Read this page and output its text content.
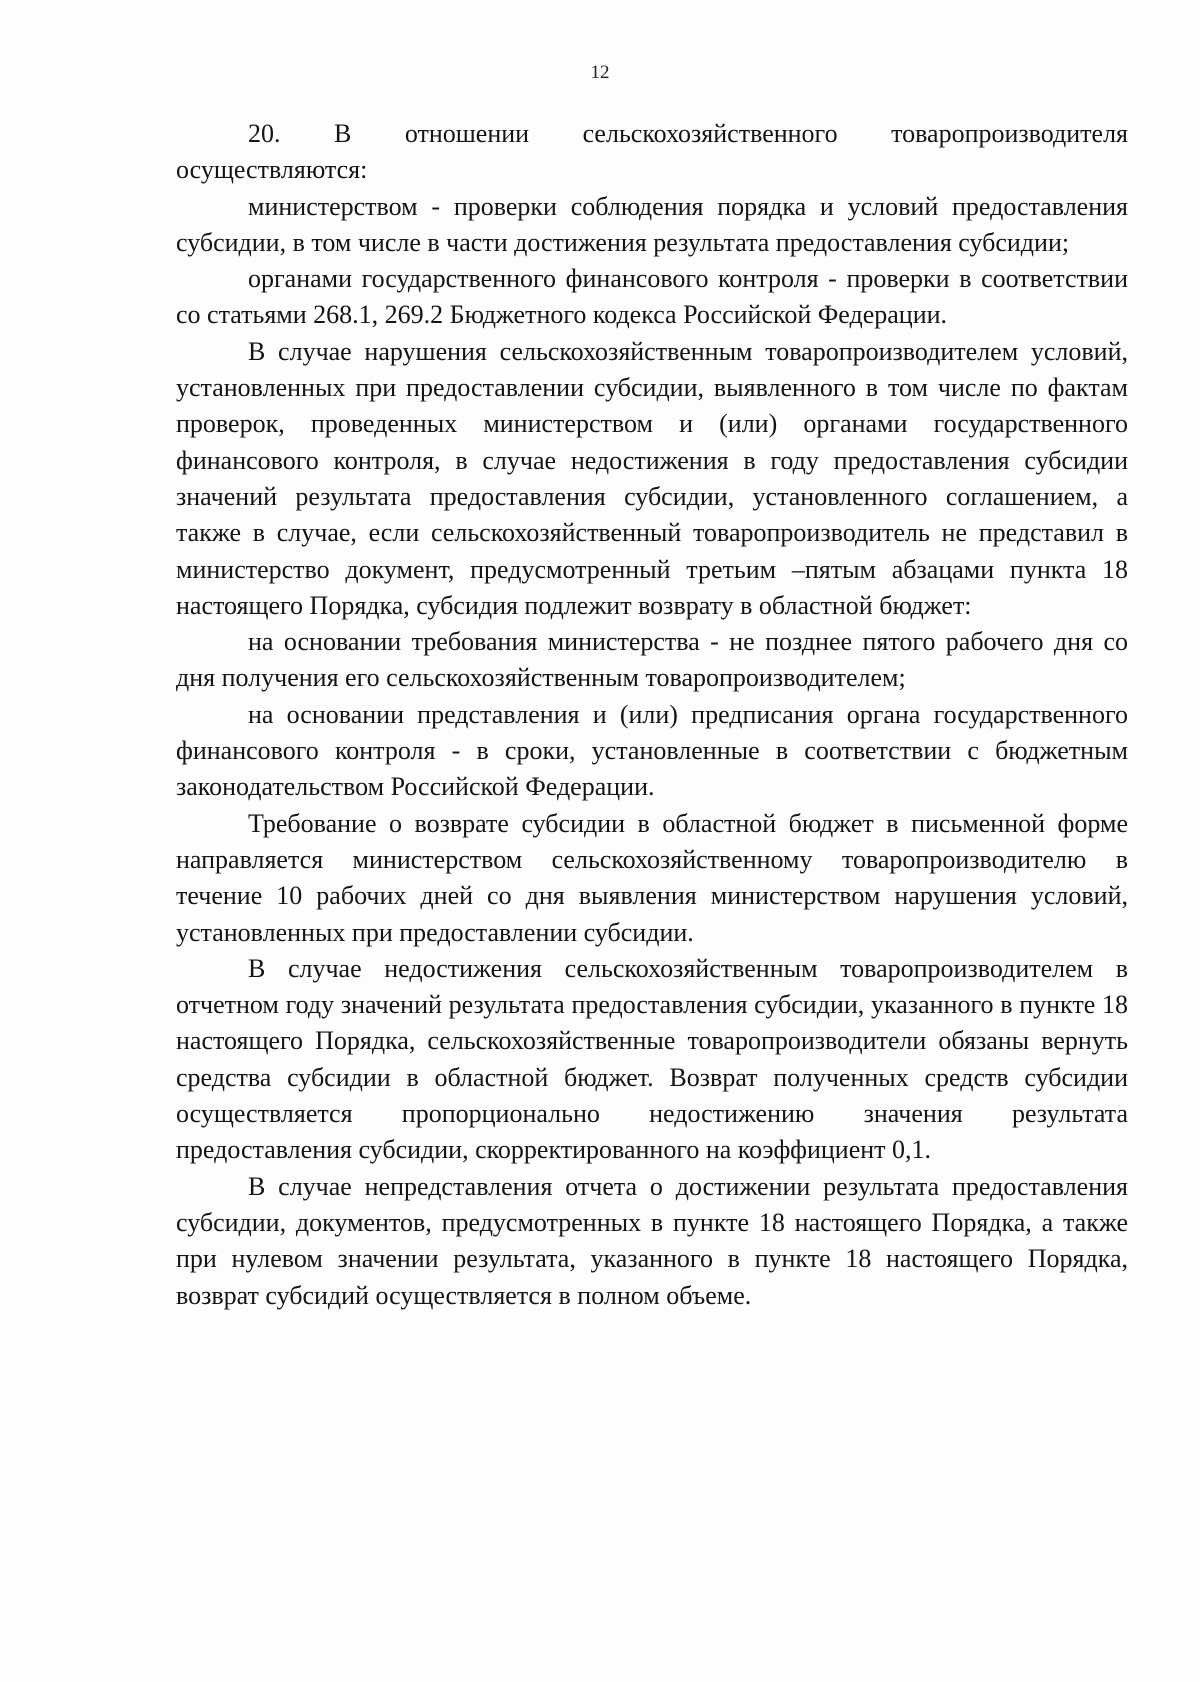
12

20. В отношении сельскохозяйственного товаропроизводителя осуществляются:

министерством - проверки соблюдения порядка и условий предоставления субсидии, в том числе в части достижения результата предоставления субсидии;

органами государственного финансового контроля - проверки в соответствии со статьями 268.1, 269.2 Бюджетного кодекса Российской Федерации.

В случае нарушения сельскохозяйственным товаропроизводителем условий, установленных при предоставлении субсидии, выявленного в том числе по фактам проверок, проведенных министерством и (или) органами государственного финансового контроля, в случае недостижения в году предоставления субсидии значений результата предоставления субсидии, установленного соглашением, а также в случае, если сельскохозяйственный товаропроизводитель не представил в министерство документ, предусмотренный третьим –пятым абзацами пункта 18 настоящего Порядка, субсидия подлежит возврату в областной бюджет:

на основании требования министерства - не позднее пятого рабочего дня со дня получения его сельскохозяйственным товаропроизводителем;

на основании представления и (или) предписания органа государственного финансового контроля - в сроки, установленные в соответствии с бюджетным законодательством Российской Федерации.

Требование о возврате субсидии в областной бюджет в письменной форме направляется министерством сельскохозяйственному товаропроизводителю в течение 10 рабочих дней со дня выявления министерством нарушения условий, установленных при предоставлении субсидии.

В случае недостижения сельскохозяйственным товаропроизводителем в отчетном году значений результата предоставления субсидии, указанного в пункте 18 настоящего Порядка, сельскохозяйственные товаропроизводители обязаны вернуть средства субсидии в областной бюджет. Возврат полученных средств субсидии осуществляется пропорционально недостижению значения результата предоставления субсидии, скорректированного на коэффициент 0,1.

В случае непредставления отчета о достижении результата предоставления субсидии, документов, предусмотренных в пункте 18 настоящего Порядка, а также при нулевом значении результата, указанного в пункте 18 настоящего Порядка, возврат субсидий осуществляется в полном объеме.
